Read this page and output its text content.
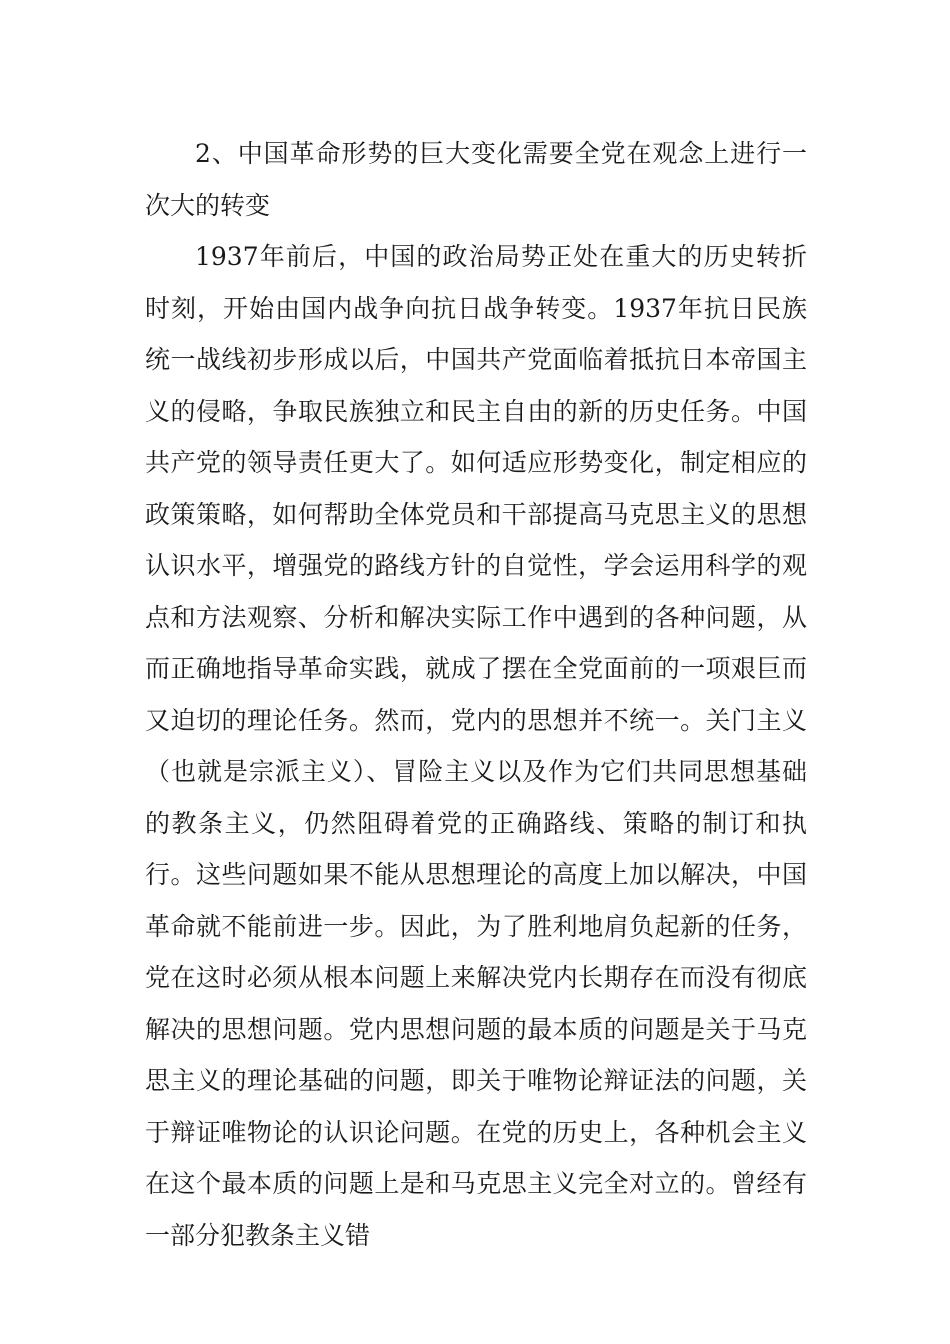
2、中国革命形势的巨大变化需要全党在观念上进行一次大的转变

1937年前后，中国的政治局势正处在重大的历史转折时刻，开始由国内战争向抗日战争转变。1937年抗日民族统一战线初步形成以后，中国共产党面临着抵抗日本帝国主义的侵略，争取民族独立和民主自由的新的历史任务。中国共产党的领导责任更大了。如何适应形势变化，制定相应的政策策略，如何帮助全体党员和干部提高马克思主义的思想认识水平，增强党的路线方针的自觉性，学会运用科学的观点和方法观察、分析和解决实际工作中遇到的各种问题，从而正确地指导革命实践，就成了摆在全党面前的一项艰巨而又迫切的理论任务。然而，党内的思想并不统一。关门主义（也就是宗派主义）、冒险主义以及作为它们共同思想基础的教条主义，仍然阻碍着党的正确路线、策略的制订和执行。这些问题如果不能从思想理论的高度上加以解决，中国革命就不能前进一步。因此，为了胜利地肩负起新的任务，党在这时必须从根本问题上来解决党内长期存在而没有彻底解决的思想问题。党内思想问题的最本质的问题是关于马克思主义的理论基础的问题，即关于唯物论辩证法的问题，关于辩证唯物论的认识论问题。在党的历史上，各种机会主义在这个最本质的问题上是和马克思主义完全对立的。曾经有一部分犯教条主义错
